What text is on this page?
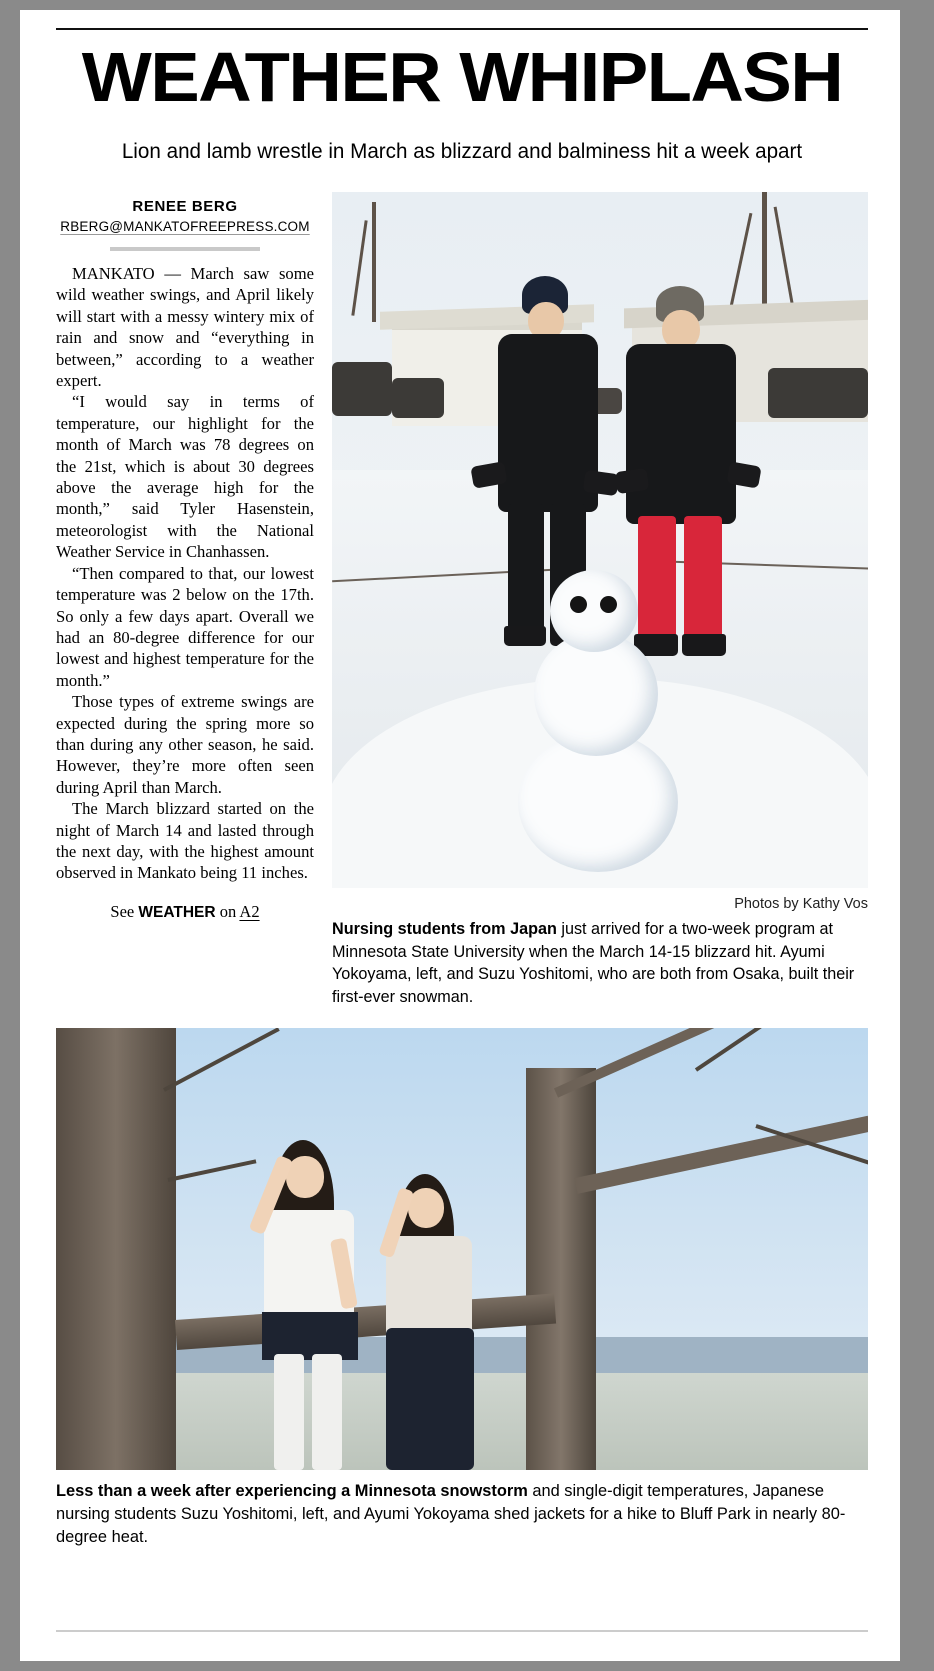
WEATHER WHIPLASH
Lion and lamb wrestle in March as blizzard and balminess hit a week apart
RENEE BERG
RBERG@MANKATOFREEPRESS.COM

MANKATO — March saw some wild weather swings, and April likely will start with a messy wintery mix of rain and snow and “everything in between,” according to a weather expert.

“I would say in terms of temperature, our highlight for the month of March was 78 degrees on the 21st, which is about 30 degrees above the average high for the month,” said Tyler Hasenstein, meteorologist with the National Weather Service in Chanhassen.

“Then compared to that, our lowest temperature was 2 below on the 17th. So only a few days apart. Overall we had an 80-degree difference for our lowest and highest temperature for the month.”

Those types of extreme swings are expected during the spring more so than during any other season, he said. However, they’re more often seen during April than March.

The March blizzard started on the night of March 14 and lasted through the next day, with the highest amount observed in Mankato being 11 inches.

See WEATHER on A2	Photos by Kathy Vos
Nursing students from Japan just arrived for a two-week program at Minnesota State University when the March 14-15 blizzard hit. Ayumi Yokoyama, left, and Suzu Yoshitomi, who are both from Osaka, built their first-ever snowman.
Less than a week after experiencing a Minnesota snowstorm and single-digit temperatures, Japanese nursing students Suzu Yoshitomi, left, and Ayumi Yokoyama shed jackets for a hike to Bluff Park in nearly 80-degree heat.
